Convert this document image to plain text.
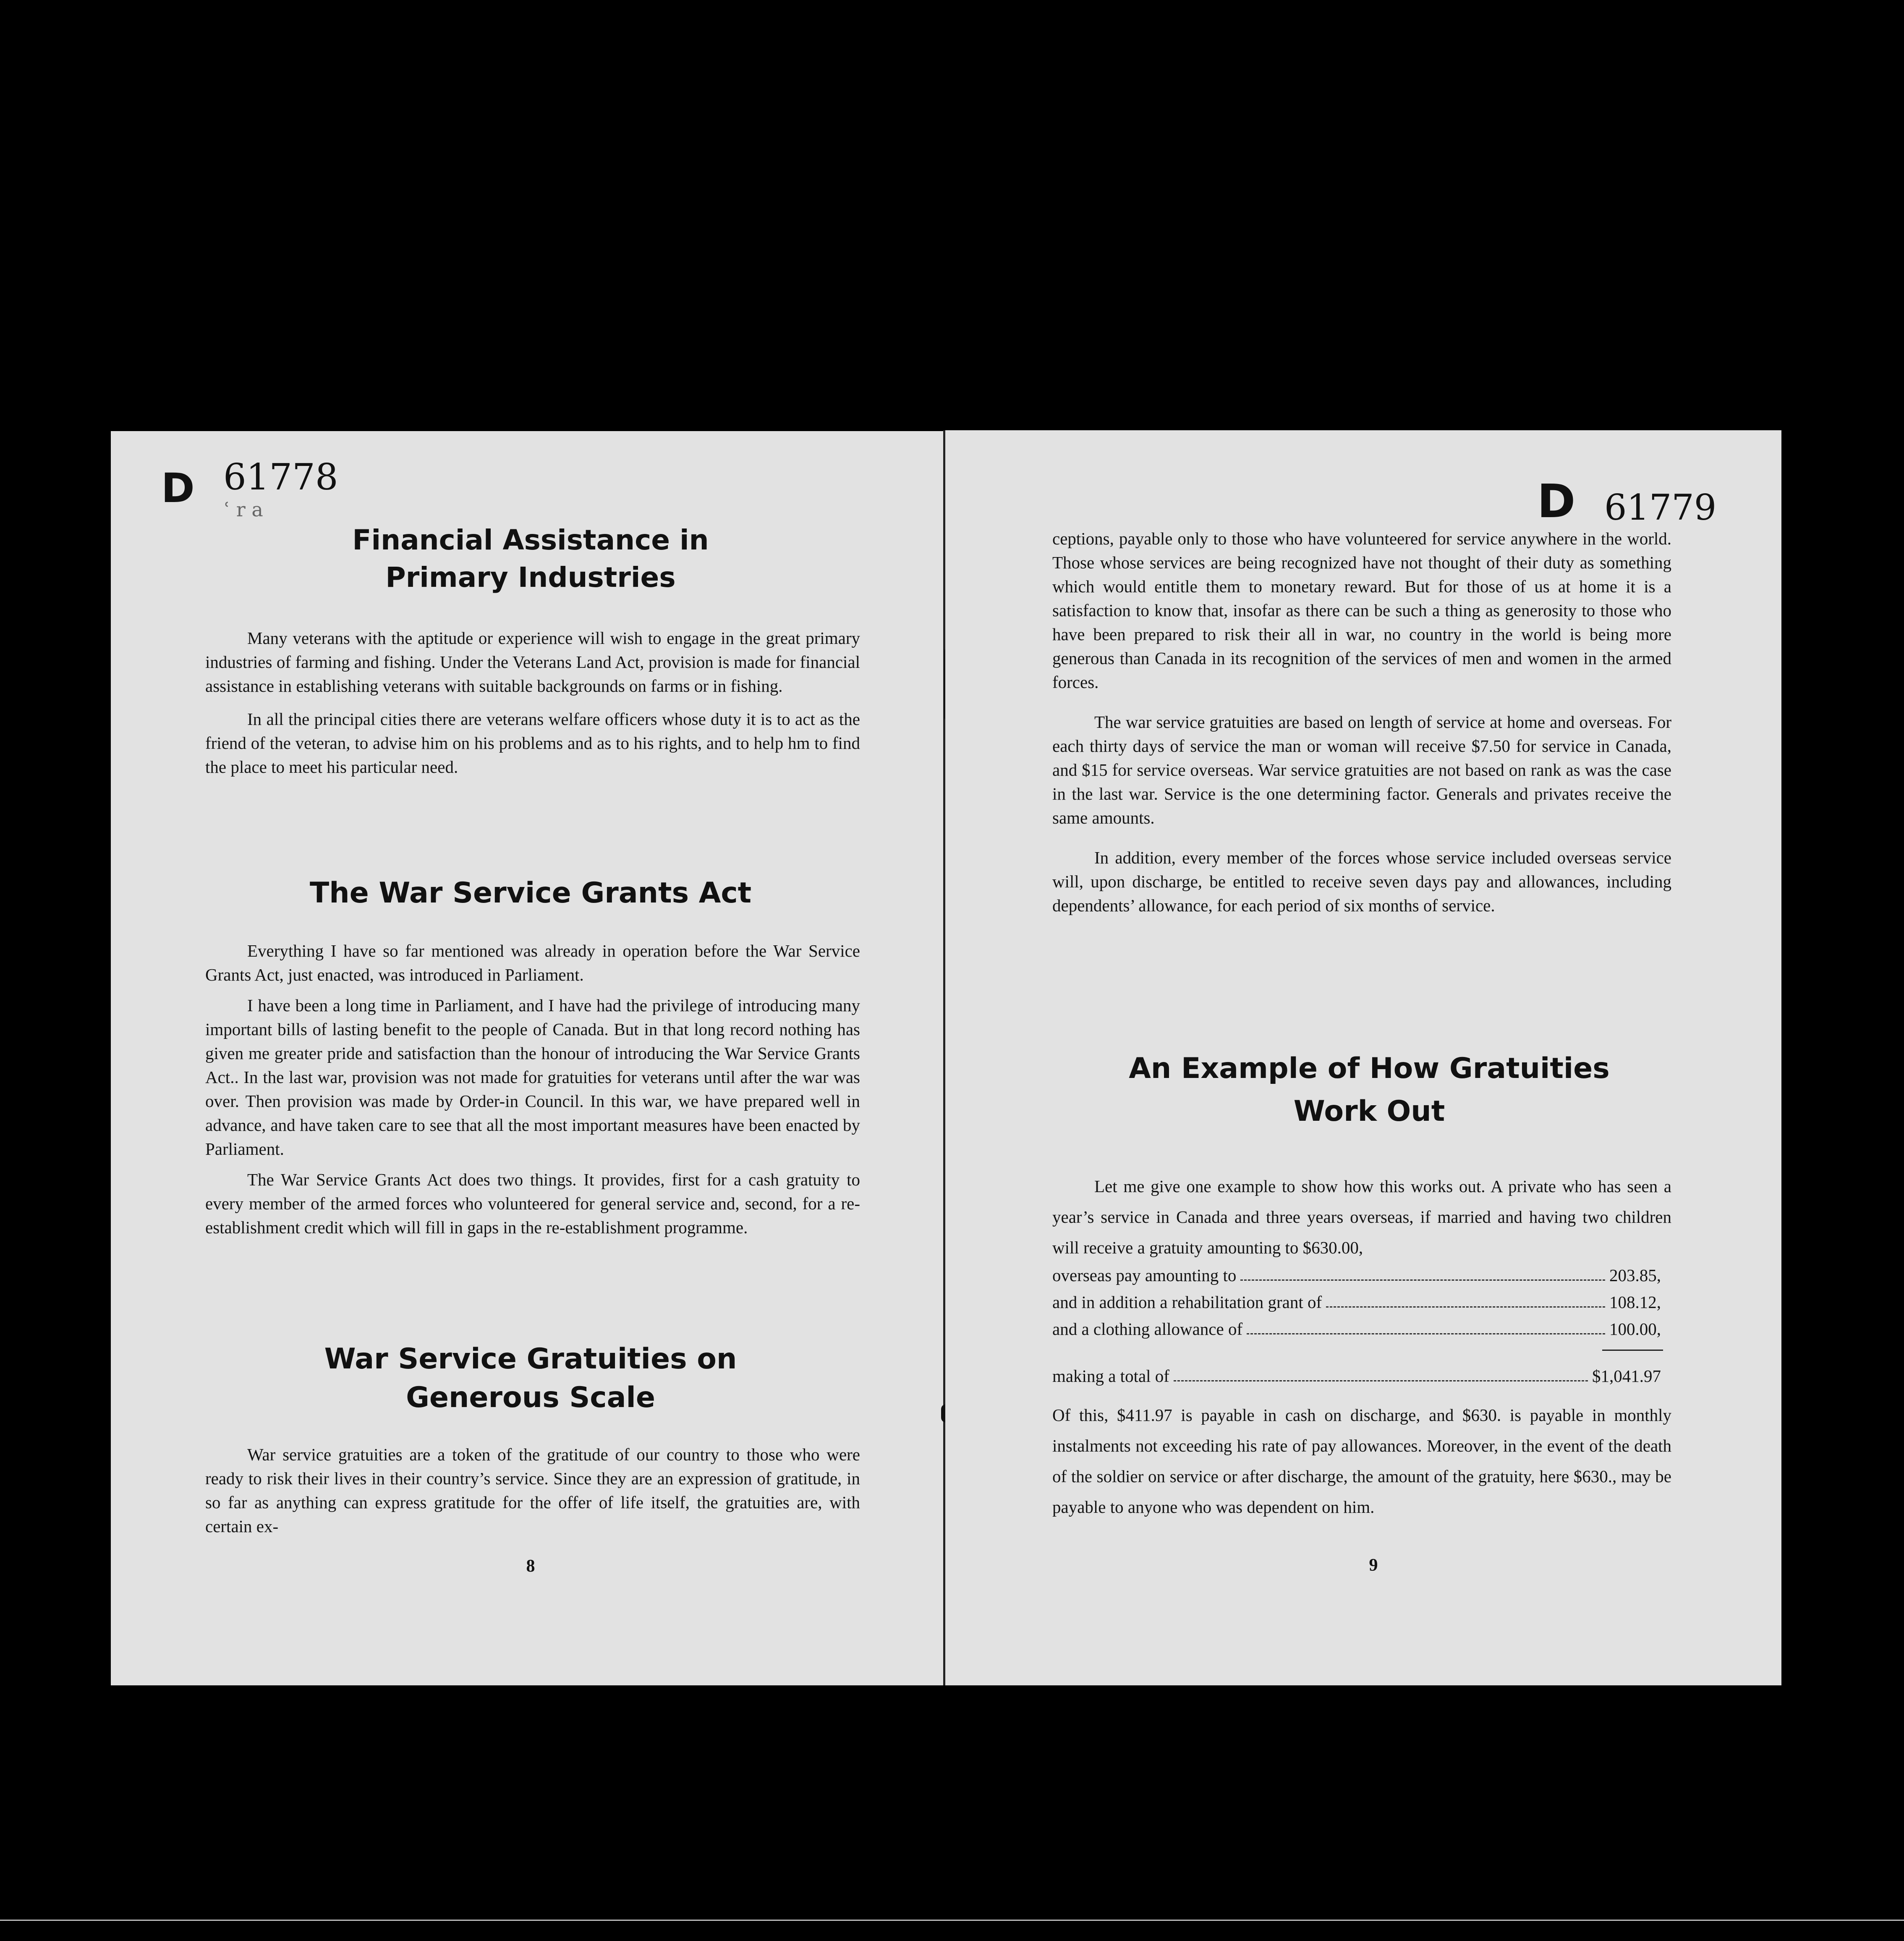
D 61778
ʿ r a
Financial Assistance in
Primary Industries

Many veterans with the aptitude or experience will wish to engage in the great primary industries of farming and fishing. Under the Veterans Land Act, provision is made for financial assistance in establishing veterans with suitable backgrounds on farms or in fishing.

In all the principal cities there are veterans welfare officers whose duty it is to act as the friend of the veteran, to advise him on his problems and as to his rights, and to help hm to find the place to meet his particular need.

The War Service Grants Act

Everything I have so far mentioned was already in operation before the War Service Grants Act, just enacted, was introduced in Parliament.

I have been a long time in Parliament, and I have had the privilege of introducing many important bills of lasting benefit to the people of Canada. But in that long record nothing has given me greater pride and satisfaction than the honour of introducing the War Service Grants Act.. In the last war, provision was not made for gratuities for veterans until after the war was over. Then provision was made by Order-in Council. In this war, we have prepared well in advance, and have taken care to see that all the most important measures have been enacted by Parliament.

The War Service Grants Act does two things. It provides, first for a cash gratuity to every member of the armed forces who volunteered for general service and, second, for a re-establishment credit which will fill in gaps in the re-establishment programme.

War Service Gratuities on
Generous Scale

War service gratuities are a token of the gratitude of our country to those who were ready to risk their lives in their country’s service. Since they are an expression of gratitude, in so far as anything can express gratitude for the offer of life itself, the gratuities are, with certain ex-

8
D 61779

ceptions, payable only to those who have volunteered for service anywhere in the world. Those whose services are being recognized have not thought of their duty as something which would entitle them to monetary reward. But for those of us at home it is a satisfaction to know that, insofar as there can be such a thing as generosity to those who have been prepared to risk their all in war, no country in the world is being more generous than Canada in its recognition of the services of men and women in the armed forces.

The war service gratuities are based on length of service at home and overseas. For each thirty days of service the man or woman will receive $7.50 for service in Canada, and $15 for service overseas. War service gratuities are not based on rank as was the case in the last war. Service is the one determining factor. Generals and privates receive the same amounts.

In addition, every member of the forces whose service included overseas service will, upon discharge, be entitled to receive seven days pay and allowances, including dependents’ allowance, for each period of six months of service.

An Example of How Gratuities
Work Out

Let me give one example to show how this works out. A private who has seen a year’s service in Canada and three years overseas, if married and having two children will receive a gratuity amounting to $630.00,

overseas pay amounting to	203.85,
and in addition a rehabilitation grant of	108.12,
and a clothing allowance of	100.00,
making a total of	$1,041.97

Of this, $411.97 is payable in cash on discharge, and $630. is payable in monthly instalments not exceeding his rate of pay allowances. Moreover, in the event of the death of the soldier on service or after discharge, the amount of the gratuity, here $630., may be payable to anyone who was dependent on him.

9
